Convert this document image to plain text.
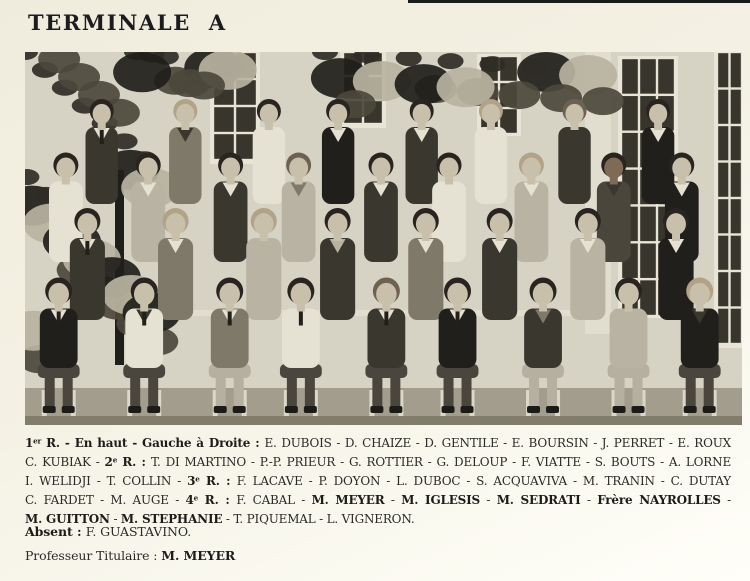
TERMINALE A
1er R. - En haut - Gauche à Droite : E. DUBOIS - D. CHAIZE - D. GENTILE - E. BOURSIN - J. PERRET - E. ROUX
C. KUBIAK - 2e R. : T. DI MARTINO - P.-P. PRIEUR - G. ROTTIER - G. DELOUP - F. VIATTE - S. BOUTS - A. LORNE
I. WELIDJI - T. COLLIN - 3e R. : F. LACAVE - P. DOYON - L. DUBOC - S. ACQUAVIVA - M. TRANIN - C. DUTAY
C. FARDET - M. AUGE - 4e R. : F. CABAL - M. MEYER - M. IGLESIS - M. SEDRATI - Frère NAYROLLES -
M. GUITTON - M. STEPHANIE - T. PIQUEMAL - L. VIGNERON.
Absent : F. GUASTAVINO.
Professeur Titulaire : M. MEYER
